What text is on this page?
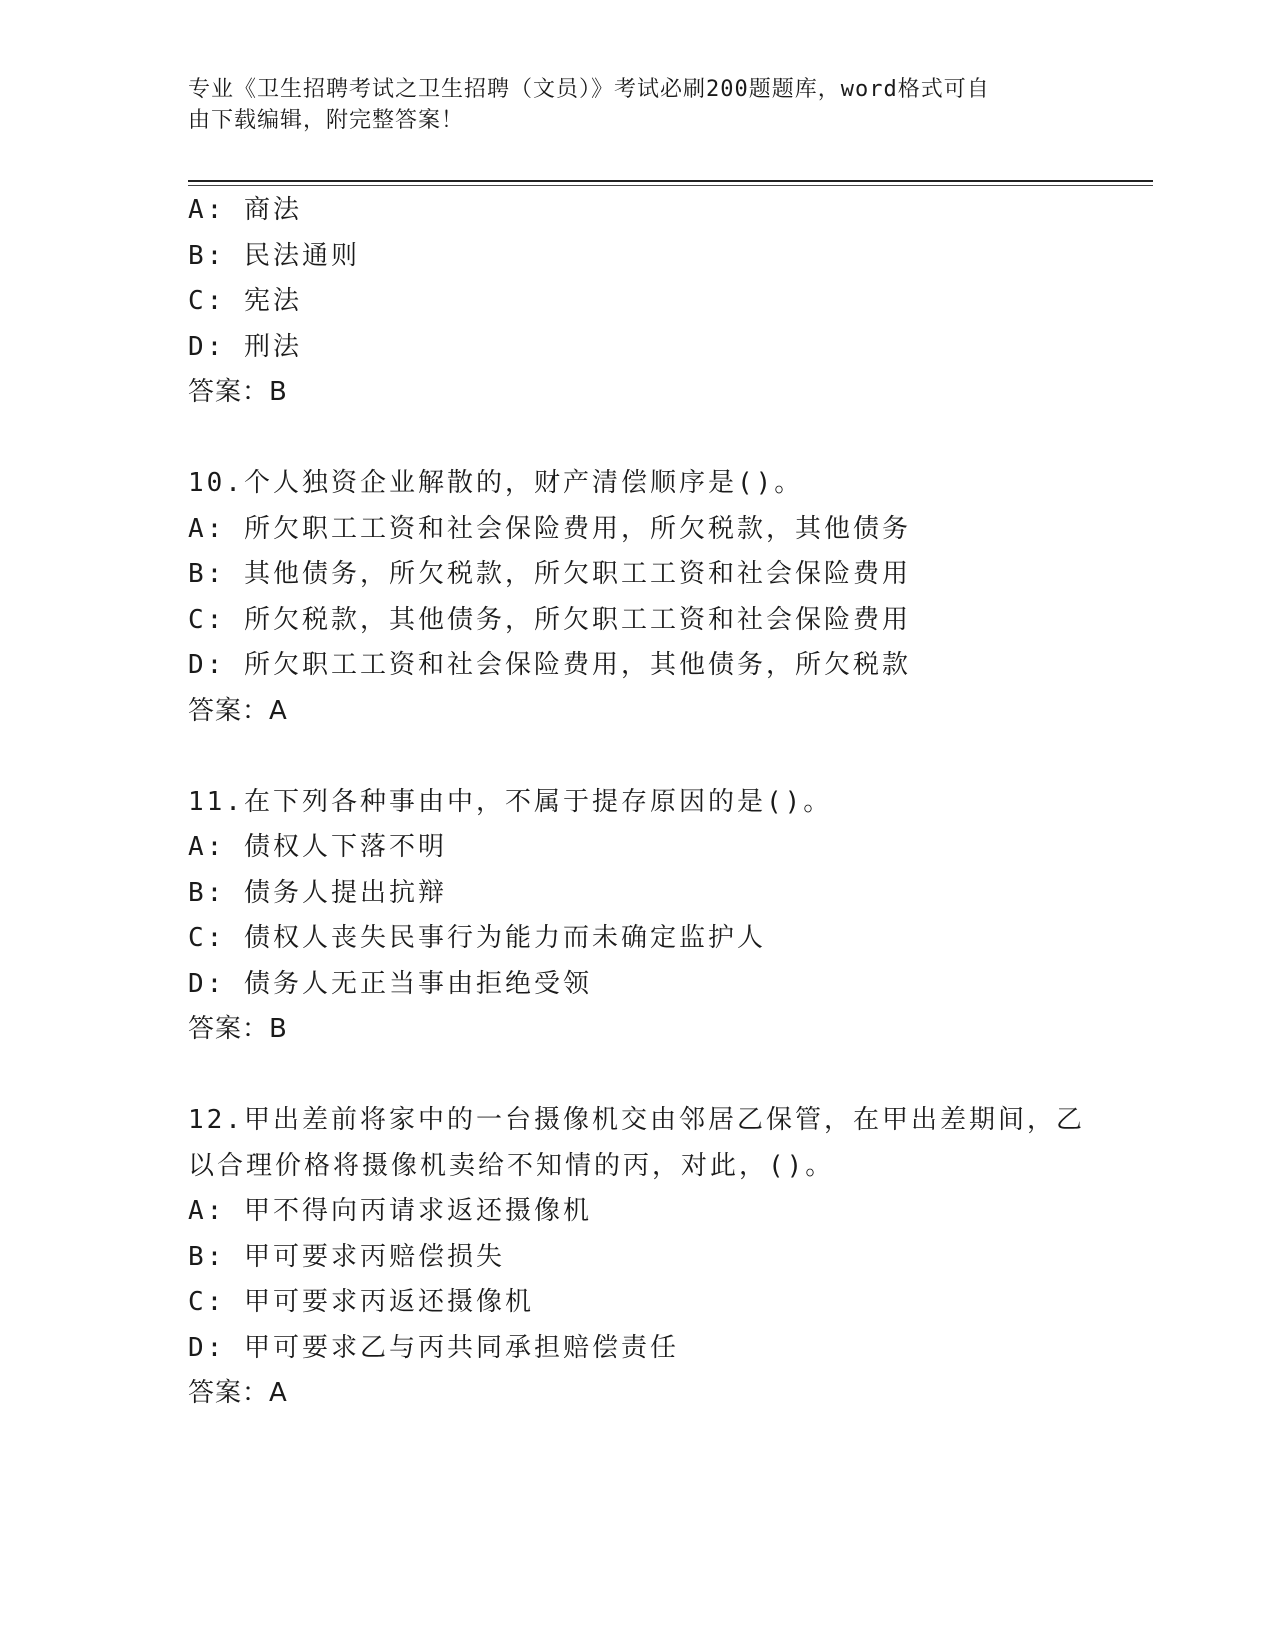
专业《卫生招聘考试之卫生招聘（文员）》考试必刷200题题库，word格式可自
由下载编辑，附完整答案！
A: 商法
B: 民法通则
C: 宪法
D: 刑法
答案：B
10.个人独资企业解散的，财产清偿顺序是()。
A: 所欠职工工资和社会保险费用，所欠税款，其他债务
B: 其他债务，所欠税款，所欠职工工资和社会保险费用
C: 所欠税款，其他债务，所欠职工工资和社会保险费用
D: 所欠职工工资和社会保险费用，其他债务，所欠税款
答案：A
11.在下列各种事由中，不属于提存原因的是()。
A: 债权人下落不明
B: 债务人提出抗辩
C: 债权人丧失民事行为能力而未确定监护人
D: 债务人无正当事由拒绝受领
答案：B
12.甲出差前将家中的一台摄像机交由邻居乙保管，在甲出差期间，乙
以合理价格将摄像机卖给不知情的丙，对此，()。
A: 甲不得向丙请求返还摄像机
B: 甲可要求丙赔偿损失
C: 甲可要求丙返还摄像机
D: 甲可要求乙与丙共同承担赔偿责任
答案：A
